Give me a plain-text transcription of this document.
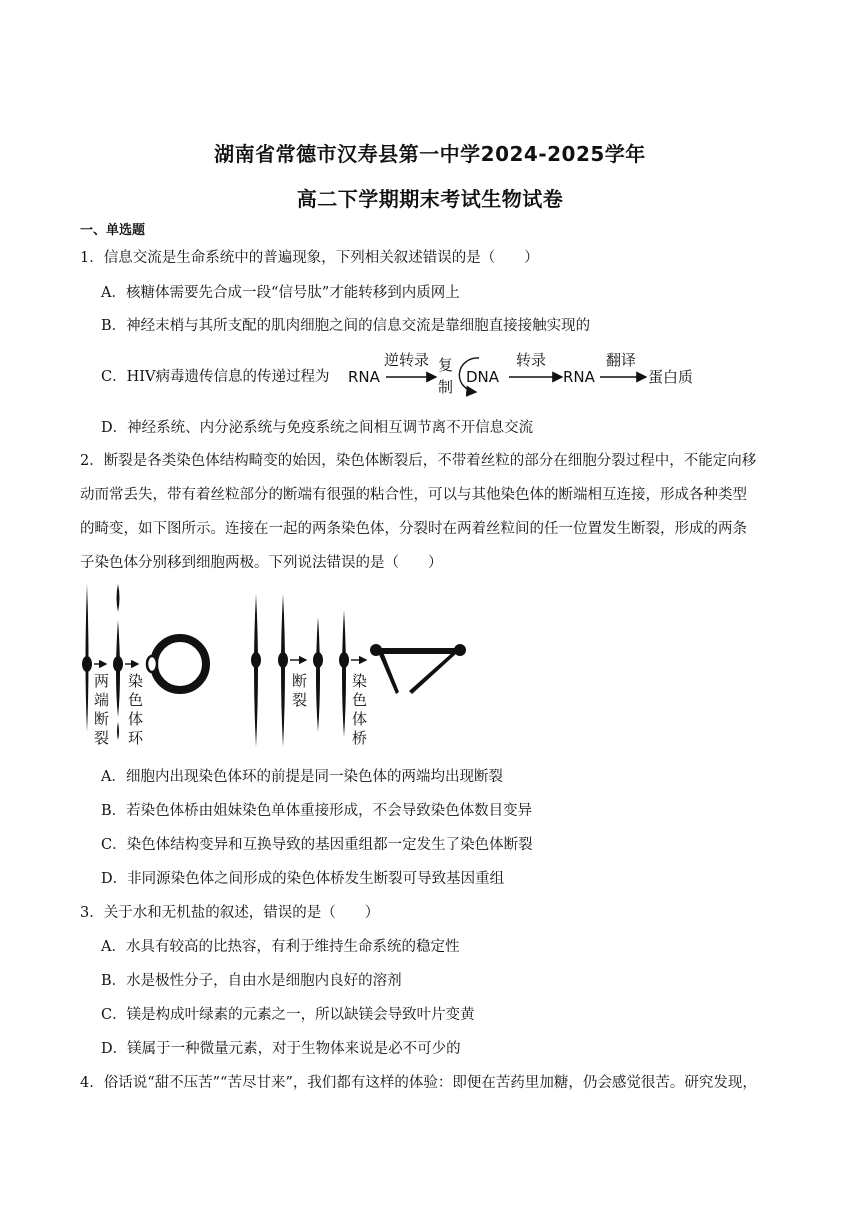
湖南省常德市汉寿县第一中学2024-2025学年
高二下学期期末考试生物试卷
一、单选题
1．信息交流是生命系统中的普遍现象，下列相关叙述错误的是（　　）
A．核糖体需要先合成一段“信号肽”才能转移到内质网上
B．神经末梢与其所支配的肌肉细胞之间的信息交流是靠细胞直接接触实现的
C．HIV病毒遗传信息的传递过程为 RNA
逆转录 复
制
DNA
转录
RNA
翻译
蛋白质
D．神经系统、内分泌系统与免疫系统之间相互调节离不开信息交流
2．断裂是各类染色体结构畸变的始因，染色体断裂后，不带着丝粒的部分在细胞分裂过程中，不能定向移
动而常丢失，带有着丝粒部分的断端有很强的粘合性，可以与其他染色体的断端相互连接，形成各种类型
的畸变，如下图所示。连接在一起的两条染色体，分裂时在两着丝粒间的任一位置发生断裂，形成的两条
子染色体分别移到细胞两极。下列说法错误的是（　　）
两
端
断
裂
染
色
体
环
断
裂
染
色
体
桥
A．细胞内出现染色体环的前提是同一染色体的两端均出现断裂
B．若染色体桥由姐妹染色单体重接形成，不会导致染色体数目变异
C．染色体结构变异和互换导致的基因重组都一定发生了染色体断裂
D．非同源染色体之间形成的染色体桥发生断裂可导致基因重组
3．关于水和无机盐的叙述，错误的是（　　）
A．水具有较高的比热容，有利于维持生命系统的稳定性
B．水是极性分子，自由水是细胞内良好的溶剂
C．镁是构成叶绿素的元素之一，所以缺镁会导致叶片变黄
D．镁属于一种微量元素，对于生物体来说是必不可少的
4．俗话说“甜不压苦”“苦尽甘来”，我们都有这样的体验：即便在苦药里加糖，仍会感觉很苦。研究发现，
